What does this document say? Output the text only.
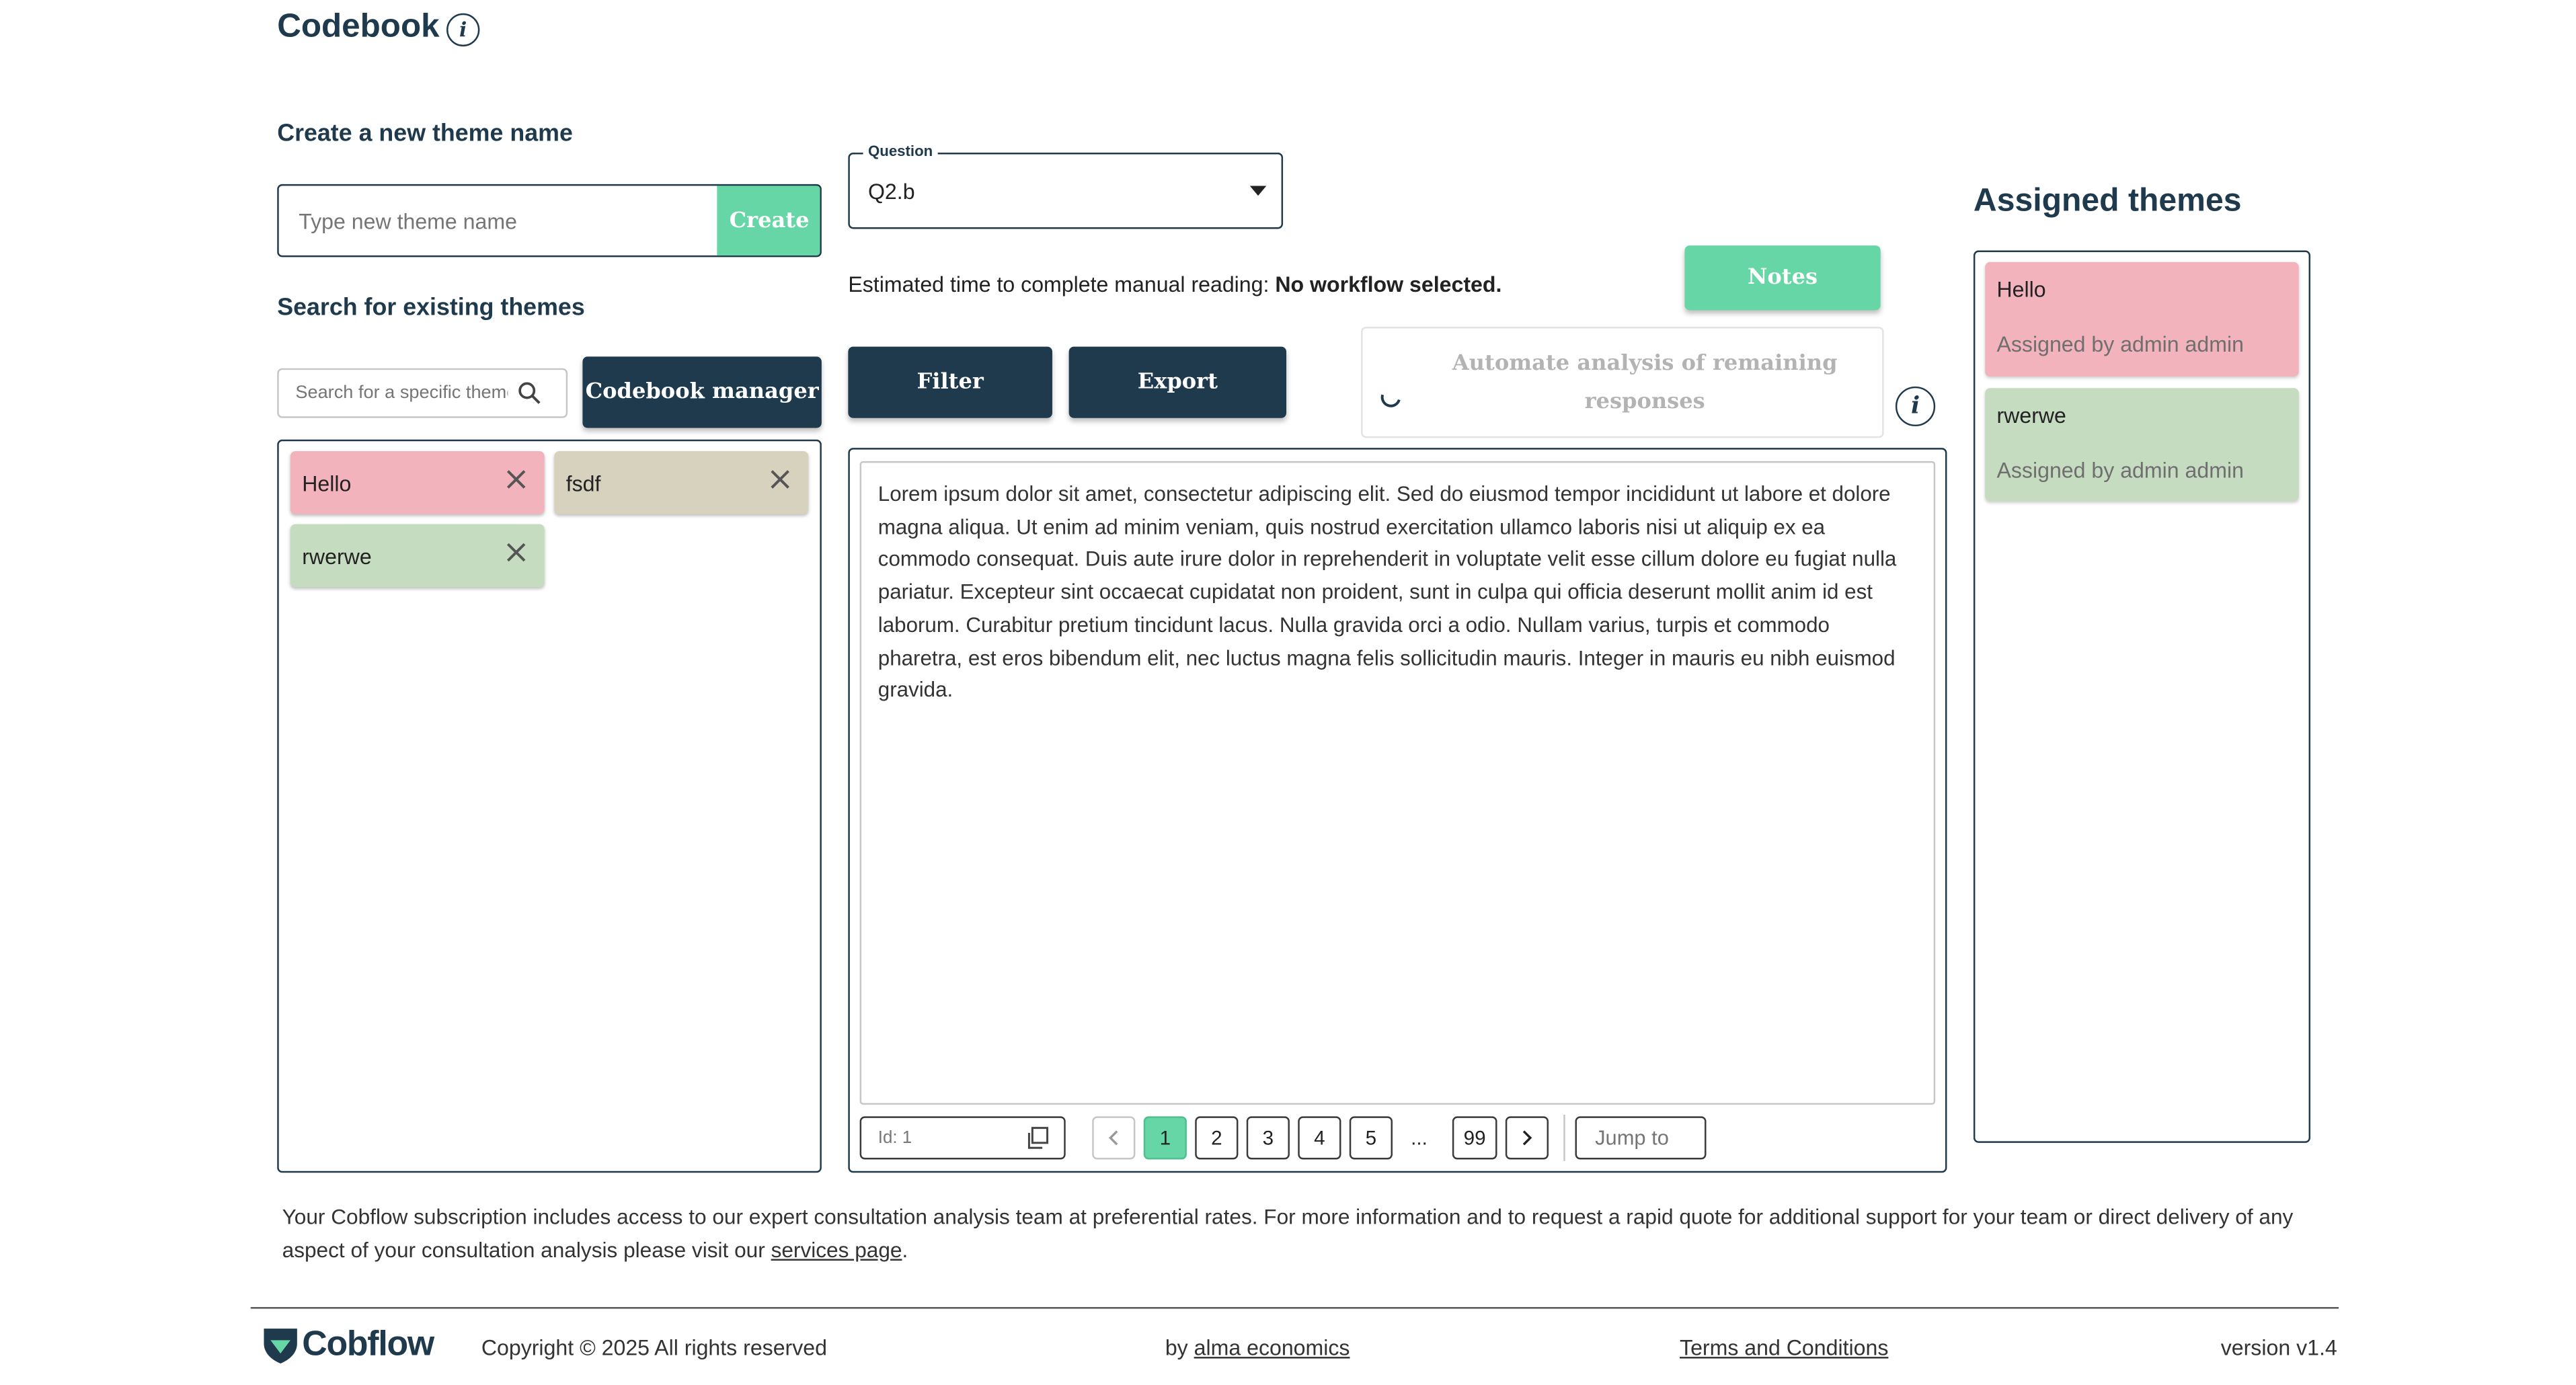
Codebook	i
Create a new theme name
Type new theme name
Create
Search for existing themes
Search for a specific theme
Codebook manager
Hello	fsdf
rwerwe
Question
Q2.b
Estimated time to complete manual reading: No workflow selected.	Notes
Filter	Export
Automate analysis of remaining responses	i
Lorem ipsum dolor sit amet, consectetur adipiscing elit. Sed do eiusmod tempor incididunt ut labore et dolore magna aliqua. Ut enim ad minim veniam, quis nostrud exercitation ullamco laboris nisi ut aliquip ex ea commodo consequat. Duis aute irure dolor in reprehenderit in voluptate velit esse cillum dolore eu fugiat nulla pariatur. Excepteur sint occaecat cupidatat non proident, sunt in culpa qui officia deserunt mollit anim id est laborum. Curabitur pretium tincidunt lacus. Nulla gravida orci a odio. Nullam varius, turpis et commodo pharetra, est eros bibendum elit, nec luctus magna felis sollicitudin mauris. Integer in mauris eu nibh euismod gravida.
Id: 1	1	2	3	4	5	...	99
Jump to
Assigned themes
Hello
Assigned by admin admin
rwerwe
Assigned by admin admin
Your Cobflow subscription includes access to our expert consultation analysis team at preferential rates. For more information and to request a rapid quote for additional support for your team or direct delivery of any aspect of your consultation analysis please visit our services page.
Cobflow	Copyright © 2025 All rights reserved	by alma economics	Terms and Conditions	version v1.4
